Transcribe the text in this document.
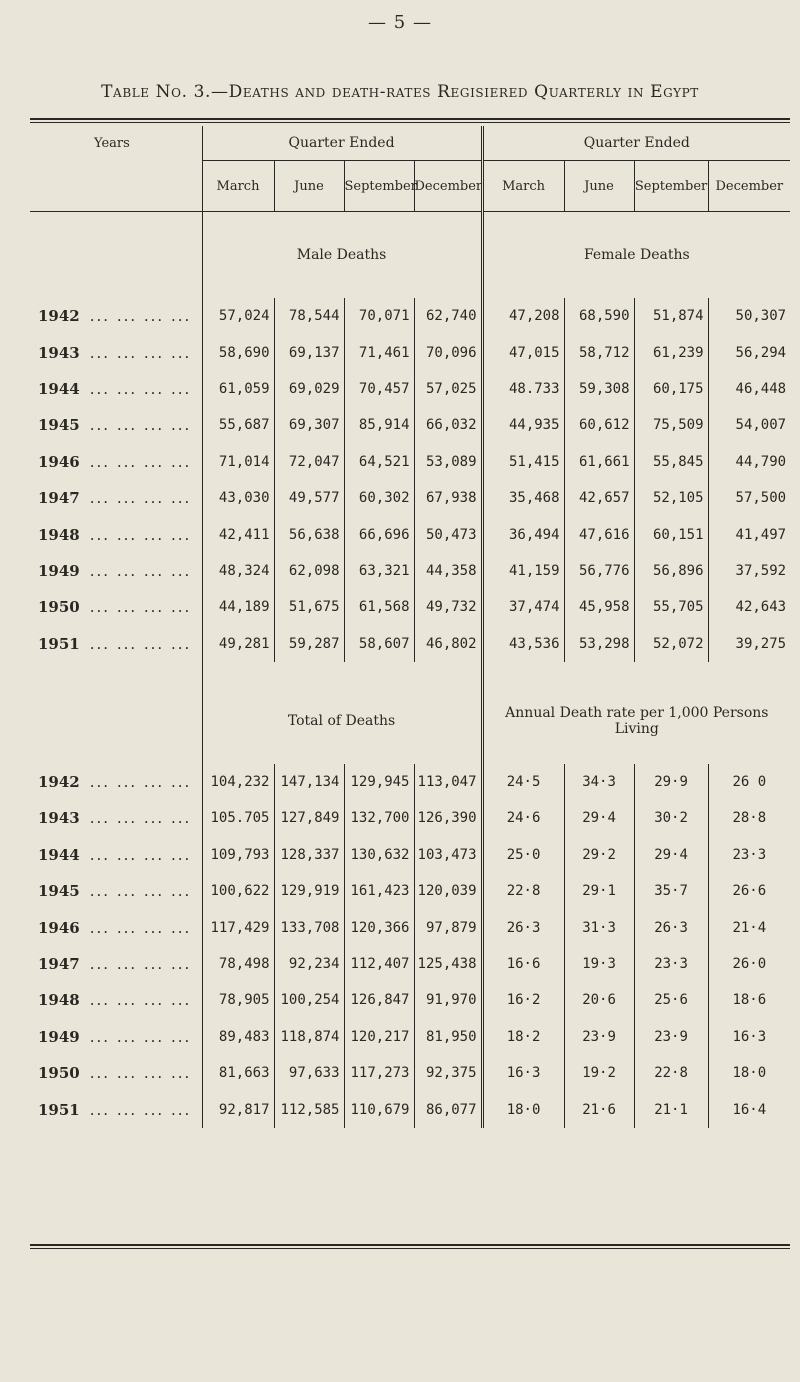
— 5 —
Table No. 3.—Deaths and death-rates Regisiered Quarterly in Egypt
Years	Quarter Ended				Quarter Ended			
	March	June	September	December	March	June	September	December
	Male Deaths				Female Deaths			
1942 ... ... ... ...	57,024	78,544	70,071	62,740	47,208	68,590	51,874	50,307
1943 ... ... ... ...	58,690	69,137	71,461	70,096	47,015	58,712	61,239	56,294
1944 ... ... ... ...	61,059	69,029	70,457	57,025	48.733	59,308	60,175	46,448
1945 ... ... ... ...	55,687	69,307	85,914	66,032	44,935	60,612	75,509	54,007
1946 ... ... ... ...	71,014	72,047	64,521	53,089	51,415	61,661	55,845	44,790
1947 ... ... ... ...	43,030	49,577	60,302	67,938	35,468	42,657	52,105	57,500
1948 ... ... ... ...	42,411	56,638	66,696	50,473	36,494	47,616	60,151	41,497
1949 ... ... ... ...	48,324	62,098	63,321	44,358	41,159	56,776	56,896	37,592
1950 ... ... ... ...	44,189	51,675	61,568	49,732	37,474	45,958	55,705	42,643
1951 ... ... ... ...	49,281	59,287	58,607	46,802	43,536	53,298	52,072	39,275

	Total of Deaths				Annual Death rate per 1,000 Persons Living			
1942 ... ... ... ...	104,232	147,134	129,945	113,047	24·5	34·3	29·9	26 0
1943 ... ... ... ...	105.705	127,849	132,700	126,390	24·6	29·4	30·2	28·8
1944 ... ... ... ...	109,793	128,337	130,632	103,473	25·0	29·2	29·4	23·3
1945 ... ... ... ...	100,622	129,919	161,423	120,039	22·8	29·1	35·7	26·6
1946 ... ... ... ...	117,429	133,708	120,366	97,879	26·3	31·3	26·3	21·4
1947 ... ... ... ...	78,498	92,234	112,407	125,438	16·6	19·3	23·3	26·0
1948 ... ... ... ...	78,905	100,254	126,847	91,970	16·2	20·6	25·6	18·6
1949 ... ... ... ...	89,483	118,874	120,217	81,950	18·2	23·9	23·9	16·3
1950 ... ... ... ...	81,663	97,633	117,273	92,375	16·3	19·2	22·8	18·0
1951 ... ... ... ...	92,817	112,585	110,679	86,077	18·0	21·6	21·1	16·4
